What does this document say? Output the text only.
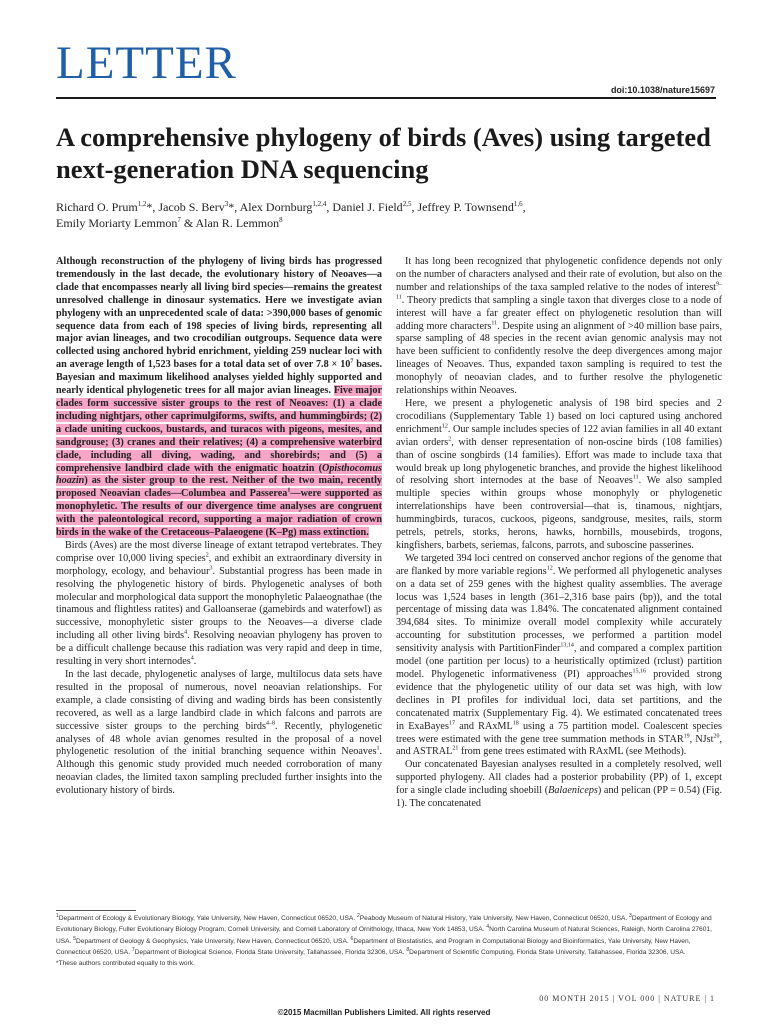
LETTER
doi:10.1038/nature15697
A comprehensive phylogeny of birds (Aves) using targeted next-generation DNA sequencing
Richard O. Prum$^{1,2}$*, Jacob S. Berv$^3$*, Alex Dornburg$^{1,2,4}$, Daniel J. Field$^{2,5}$, Jeffrey P. Townsend$^{1,6}$,
Emily Moriarty Lemmon$^7$ & Alan R. Lemmon$^8$

Although reconstruction of the phylogeny of living birds has progressed tremendously in the last decade, the evolutionary history of Neoaves—a clade that encompasses nearly all living bird species—remains the greatest unresolved challenge in dinosaur systematics. Here we investigate avian phylogeny with an unprecedented scale of data: >390,000 bases of genomic sequence data from each of 198 species of living birds, representing all major avian lineages, and two crocodilian outgroups. Sequence data were collected using anchored hybrid enrichment, yielding 259 nuclear loci with an average length of 1,523 bases for a total data set of over $7.8 \times 10^7$ bases. Bayesian and maximum likelihood analyses yielded highly supported and nearly identical phylogenetic trees for all major avian lineages. Five major clades form successive sister groups to the rest of Neoaves: (1) a clade including nightjars, other caprimulgiforms, swifts, and hummingbirds; (2) a clade uniting cuckoos, bustards, and turacos with pigeons, mesites, and sandgrouse; (3) cranes and their relatives; (4) a comprehensive waterbird clade, including all diving, wading, and shorebirds; and (5) a comprehensive landbird clade with the enigmatic hoatzin (Opisthocomus hoazin) as the sister group to the rest. Neither of the two main, recently proposed Neoavian clades—Columbea and Passerea$^1$—were supported as monophyletic. The results of our divergence time analyses are congruent with the paleontological record, supporting a major radiation of crown birds in the wake of the Cretaceous–Palaeogene (K–Pg) mass extinction.

Birds (Aves) are the most diverse lineage of extant tetrapod vertebrates. They comprise over 10,000 living species$^2$, and exhibit an extraordinary diversity in morphology, ecology, and behaviour$^3$. Substantial progress has been made in resolving the phylogenetic history of birds. Phylogenetic analyses of both molecular and morphological data support the monophyletic Palaeognathae (the tinamous and flightless ratites) and Galloanserae (gamebirds and waterfowl) as successive, monophyletic sister groups to the Neoaves—a diverse clade including all other living birds$^4$. Resolving neoavian phylogeny has proven to be a difficult challenge because this radiation was very rapid and deep in time, resulting in very short internodes$^4$.

In the last decade, phylogenetic analyses of large, multilocus data sets have resulted in the proposal of numerous, novel neoavian relationships. For example, a clade consisting of diving and wading birds has been consistently recovered, as well as a large landbird clade in which falcons and parrots are successive sister groups to the perching birds$^{4-8}$. Recently, phylogenetic analyses of 48 whole avian genomes resulted in the proposal of a novel phylogenetic resolution of the initial branching sequence within Neoaves$^1$. Although this genomic study provided much needed corroboration of many neoavian clades, the limited taxon sampling precluded further insights into the evolutionary history of birds.

It has long been recognized that phylogenetic confidence depends not only on the number of characters analysed and their rate of evolution, but also on the number and relationships of the taxa sampled relative to the nodes of interest$^{9-11}$. Theory predicts that sampling a single taxon that diverges close to a node of interest will have a far greater effect on phylogenetic resolution than will adding more characters$^{11}$. Despite using an alignment of >40 million base pairs, sparse sampling of 48 species in the recent avian genomic analysis may not have been sufficient to confidently resolve the deep divergences among major lineages of Neoaves. Thus, expanded taxon sampling is required to test the monophyly of neoavian clades, and to further resolve the phylogenetic relationships within Neoaves.

Here, we present a phylogenetic analysis of 198 bird species and 2 crocodilians (Supplementary Table 1) based on loci captured using anchored enrichment$^{12}$. Our sample includes species of 122 avian families in all 40 extant avian orders$^2$, with denser representation of non-oscine birds (108 families) than of oscine songbirds (14 families). Effort was made to include taxa that would break up long phylogenetic branches, and provide the highest likelihood of resolving short internodes at the base of Neoaves$^{11}$. We also sampled multiple species within groups whose monophyly or phylogenetic interrelationships have been controversial—that is, tinamous, nightjars, hummingbirds, turacos, cuckoos, pigeons, sandgrouse, mesites, rails, storm petrels, petrels, storks, herons, hawks, hornbills, mousebirds, trogons, kingfishers, barbets, seriemas, falcons, parrots, and suboscine passerines.

We targeted 394 loci centred on conserved anchor regions of the genome that are flanked by more variable regions$^{12}$. We performed all phylogenetic analyses on a data set of 259 genes with the highest quality assemblies. The average locus was 1,524 bases in length (361–2,316 base pairs (bp)), and the total percentage of missing data was 1.84%. The concatenated alignment contained 394,684 sites. To minimize overall model complexity while accurately accounting for substitution processes, we performed a partition model sensitivity analysis with PartitionFinder$^{13,14}$, and compared a complex partition model (one partition per locus) to a heuristically optimized (rclust) partition model. Phylogenetic informativeness (PI) approaches$^{15,16}$ provided strong evidence that the phylogenetic utility of our data set was high, with low declines in PI profiles for individual loci, data set partitions, and the concatenated matrix (Supplementary Fig. 4). We estimated concatenated trees in ExaBayes$^{17}$ and RAxML$^{18}$ using a 75 partition model. Coalescent species trees were estimated with the gene tree summation methods in STAR$^{19}$, NJst$^{20}$, and ASTRAL$^{21}$ from gene trees estimated with RAxML (see Methods).

Our concatenated Bayesian analyses resulted in a completely resolved, well supported phylogeny. All clades had a posterior probability (PP) of 1, except for a single clade including shoebill (Balaeniceps) and pelican (PP = 0.54) (Fig. 1). The concatenated

$^1$Department of Ecology & Evolutionary Biology, Yale University, New Haven, Connecticut 06520, USA. $^2$Peabody Museum of Natural History, Yale University, New Haven, Connecticut 06520, USA. $^3$Department of Ecology and Evolutionary Biology, Fuller Evolutionary Biology Program, Cornell University, and Cornell Laboratory of Ornithology, Ithaca, New York 14853, USA. $^4$North Carolina Museum of Natural Sciences, Raleigh, North Carolina 27601, USA. $^5$Department of Geology & Geophysics, Yale University, New Haven, Connecticut 06520, USA. $^6$Department of Biostatistics, and Program in Computational Biology and Bioinformatics, Yale University, New Haven, Connecticut 06520, USA. $^7$Department of Biological Science, Florida State University, Tallahassee, Florida 32306, USA. $^8$Department of Scientific Computing, Florida State University, Tallahassee, Florida 32306, USA.

*These authors contributed equally to this work.

00 MONTH 2015 | VOL 000 | NATURE | 1
©2015 Macmillan Publishers Limited. All rights reserved
